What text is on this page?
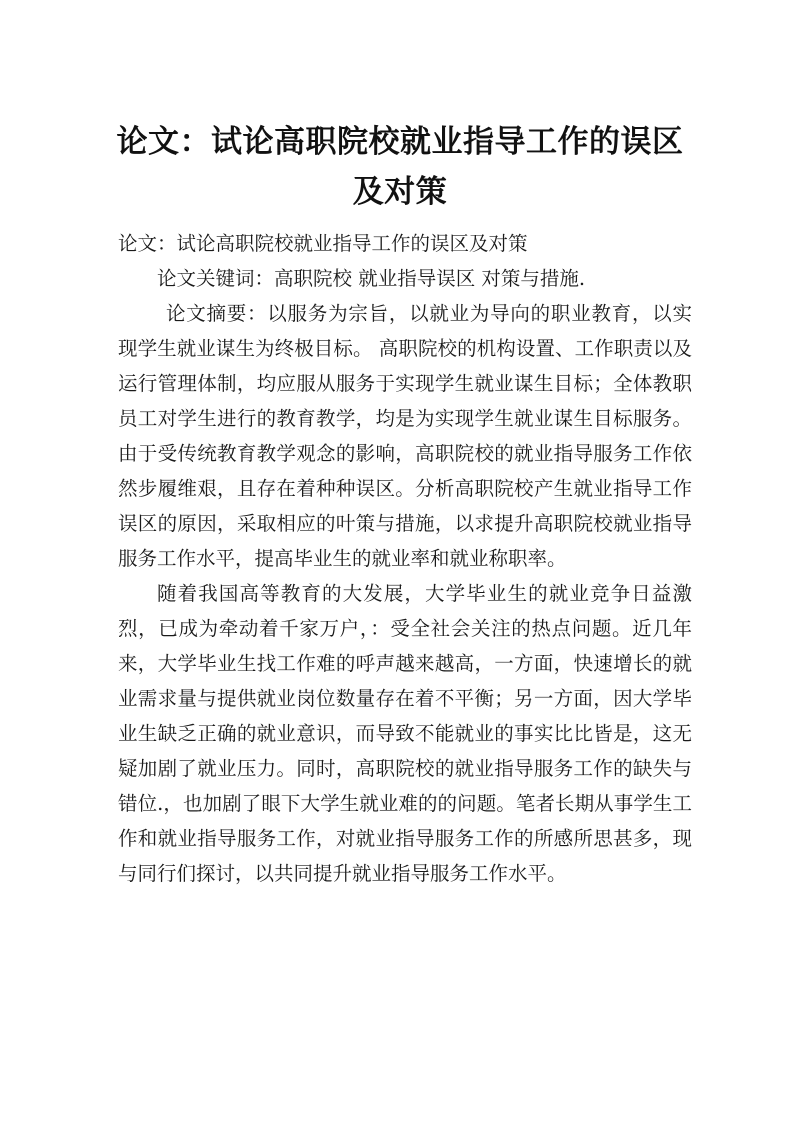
论文：试论高职院校就业指导工作的误区及对策

论文：试论高职院校就业指导工作的误区及对策

论文关键词：高职院校 就业指导误区 对策与措施.

论文摘要：以服务为宗旨，以就业为导向的职业教育，以实现学生就业谋生为终极目标。 高职院校的机构设置、工作职责以及运行管理体制，均应服从服务于实现学生就业谋生目标；全体教职员工对学生进行的教育教学，均是为实现学生就业谋生目标服务。由于受传统教育教学观念的影响，高职院校的就业指导服务工作依然步履维艰，且存在着种种误区。分析高职院校产生就业指导工作误区的原因，采取相应的叶策与措施，以求提升高职院校就业指导服务工作水平，提高毕业生的就业率和就业称职率。

随着我国高等教育的大发展，大学毕业生的就业竞争日益激烈，已成为牵动着千家万户，：受全社会关注的热点问题。近几年来，大学毕业生找工作难的呼声越来越高，一方面，快速增长的就业需求量与提供就业岗位数量存在着不平衡；另一方面，因大学毕业生缺乏正确的就业意识，而导致不能就业的事实比比皆是，这无疑加剧了就业压力。同时，高职院校的就业指导服务工作的缺失与错位.，也加剧了眼下大学生就业难的的问题。笔者长期从事学生工作和就业指导服务工作，对就业指导服务工作的所感所思甚多，现与同行们探讨，以共同提升就业指导服务工作水平。
